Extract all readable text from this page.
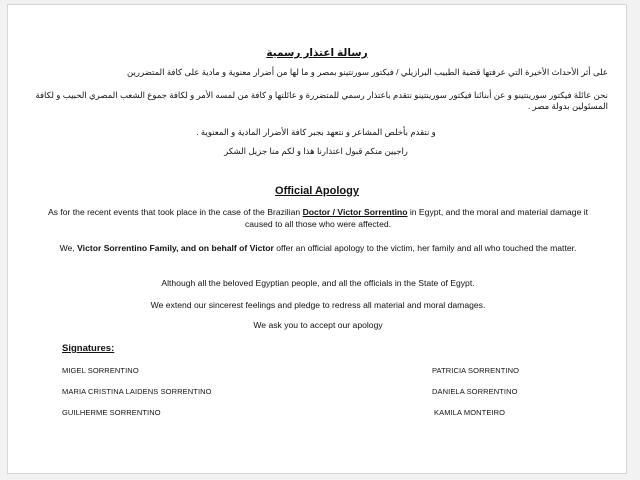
رسالة اعتذار رسمية
على أثر الأحداث الأخيرة التي عرفتها قضية الطبيب البرازيلي / فيكتور سورنتينو بمصر و ما لها من أضرار معنوية و مادية على كافة المتضررين
نحن عائلة فيكتور سورينتينو و عن أبنائنا فيكتور سورينتينو نتقدم باعتذار رسمي للمتضررة و عائلتها و كافة من لمسه الأمر و لكافة جموع الشعب المصري الحبيب و لكافة المسئولين بدولة مصر .
و نتقدم بأخلص المشاعر و نتعهد بجبر كافة الأضرار المادية و المعنوية .
راجيين منكم قبول اعتذارنا هذا و لكم منا جزيل الشكر
Official Apology
As for the recent events that took place in the case of the Brazilian Doctor / Victor Sorrentino in Egypt, and the moral and material damage it caused to all those who were affected.
We, Victor Sorrentino Family, and on behalf of Victor offer an official apology to the victim, her family and all who touched the matter.
Although all the beloved Egyptian people, and all the officials in the State of Egypt.
We extend our sincerest feelings and pledge to redress all material and moral damages.
We ask you to accept our apology
Signatures:
MIGEL SORRENTINO
MARIA CRISTINA LAIDENS SORRENTINO
GUILHERME SORRENTINO
PATRICIA SORRENTINO
DANIELA SORRENTINO
KAMILA MONTEIRO
